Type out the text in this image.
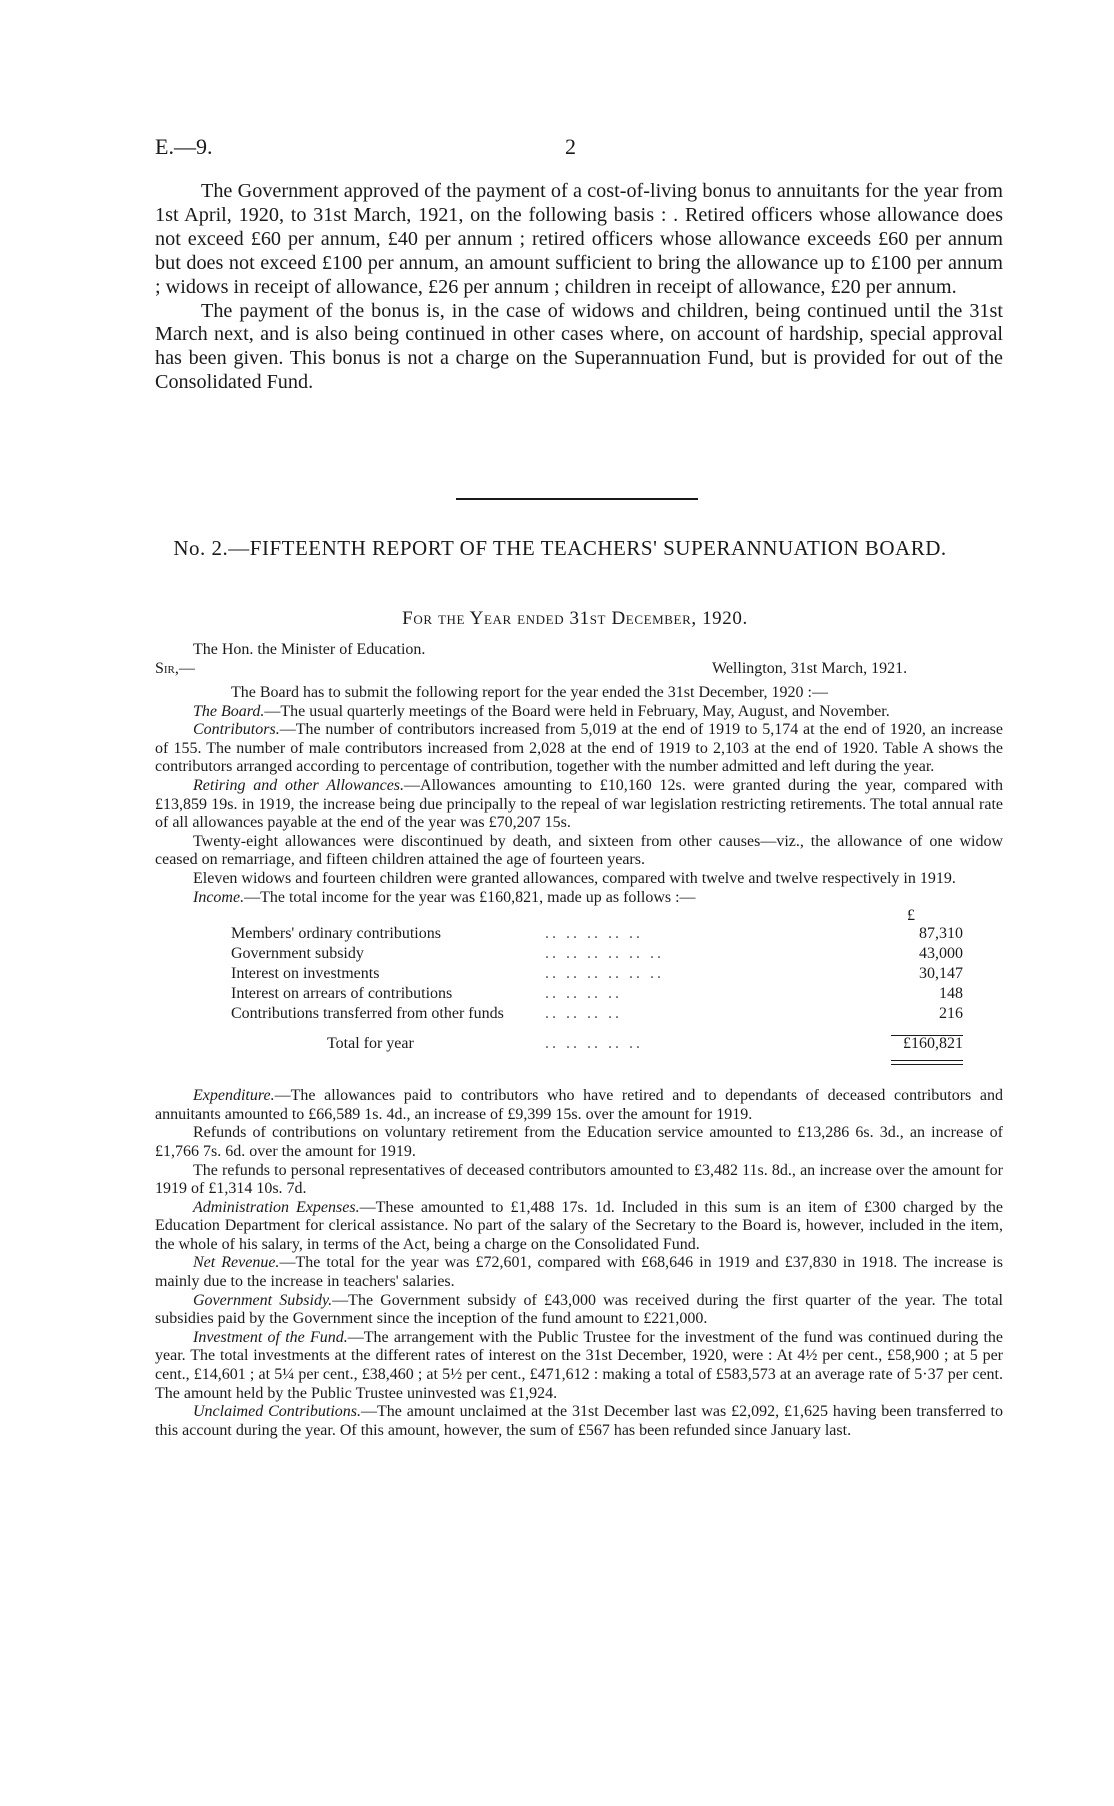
E.—9.	2

The Government approved of the payment of a cost-of-living bonus to annuitants for the year from 1st April, 1920, to 31st March, 1921, on the following basis : . Retired officers whose allowance does not exceed £60 per annum, £40 per annum ; retired officers whose allowance exceeds £60 per annum but does not exceed £100 per annum, an amount sufficient to bring the allowance up to £100 per annum ; widows in receipt of allowance, £26 per annum ; children in receipt of allowance, £20 per annum.

The payment of the bonus is, in the case of widows and children, being continued until the 31st March next, and is also being continued in other cases where, on account of hardship, special approval has been given. This bonus is not a charge on the Superannuation Fund, but is provided for out of the Consolidated Fund.

No. 2.—FIFTEENTH REPORT OF THE TEACHERS' SUPERANNUATION BOARD.
For the Year ended 31st December, 1920.
The Hon. the Minister of Education.
Sir,—	Wellington, 31st March, 1921.

The Board has to submit the following report for the year ended the 31st December, 1920 :—

The Board.—The usual quarterly meetings of the Board were held in February, May, August, and November.

Contributors.—The number of contributors increased from 5,019 at the end of 1919 to 5,174 at the end of 1920, an increase of 155. The number of male contributors increased from 2,028 at the end of 1919 to 2,103 at the end of 1920. Table A shows the contributors arranged according to percentage of contribution, together with the number admitted and left during the year.

Retiring and other Allowances.—Allowances amounting to £10,160 12s. were granted during the year, compared with £13,859 19s. in 1919, the increase being due principally to the repeal of war legislation restricting retirements. The total annual rate of all allowances payable at the end of the year was £70,207 15s.

Twenty-eight allowances were discontinued by death, and sixteen from other causes—viz., the allowance of one widow ceased on remarriage, and fifteen children attained the age of fourteen years.

Eleven widows and fourteen children were granted allowances, compared with twelve and twelve respectively in 1919.

Income.—The total income for the year was £160,821, made up as follows :—

£
Members' ordinary contributions	.. .. .. .. ..	87,310
Government subsidy	.. .. .. .. .. ..	43,000
Interest on investments	.. .. .. .. .. ..	30,147
Interest on arrears of contributions	.. .. .. ..	148
Contributions transferred from other funds	.. .. .. ..	216
Total for year	.. .. .. .. ..	£160,821

Expenditure.—The allowances paid to contributors who have retired and to dependants of deceased contributors and annuitants amounted to £66,589 1s. 4d., an increase of £9,399 15s. over the amount for 1919.

Refunds of contributions on voluntary retirement from the Education service amounted to £13,286 6s. 3d., an increase of £1,766 7s. 6d. over the amount for 1919.

The refunds to personal representatives of deceased contributors amounted to £3,482 11s. 8d., an increase over the amount for 1919 of £1,314 10s. 7d.

Administration Expenses.—These amounted to £1,488 17s. 1d. Included in this sum is an item of £300 charged by the Education Department for clerical assistance. No part of the salary of the Secretary to the Board is, however, included in the item, the whole of his salary, in terms of the Act, being a charge on the Consolidated Fund.

Net Revenue.—The total for the year was £72,601, compared with £68,646 in 1919 and £37,830 in 1918. The increase is mainly due to the increase in teachers' salaries.

Government Subsidy.—The Government subsidy of £43,000 was received during the first quarter of the year. The total subsidies paid by the Government since the inception of the fund amount to £221,000.

Investment of the Fund.—The arrangement with the Public Trustee for the investment of the fund was continued during the year. The total investments at the different rates of interest on the 31st December, 1920, were : At 4½ per cent., £58,900 ; at 5 per cent., £14,601 ; at 5¼ per cent., £38,460 ; at 5½ per cent., £471,612 : making a total of £583,573 at an average rate of 5·37 per cent. The amount held by the Public Trustee uninvested was £1,924.

Unclaimed Contributions.—The amount unclaimed at the 31st December last was £2,092, £1,625 having been transferred to this account during the year. Of this amount, however, the sum of £567 has been refunded since January last.
